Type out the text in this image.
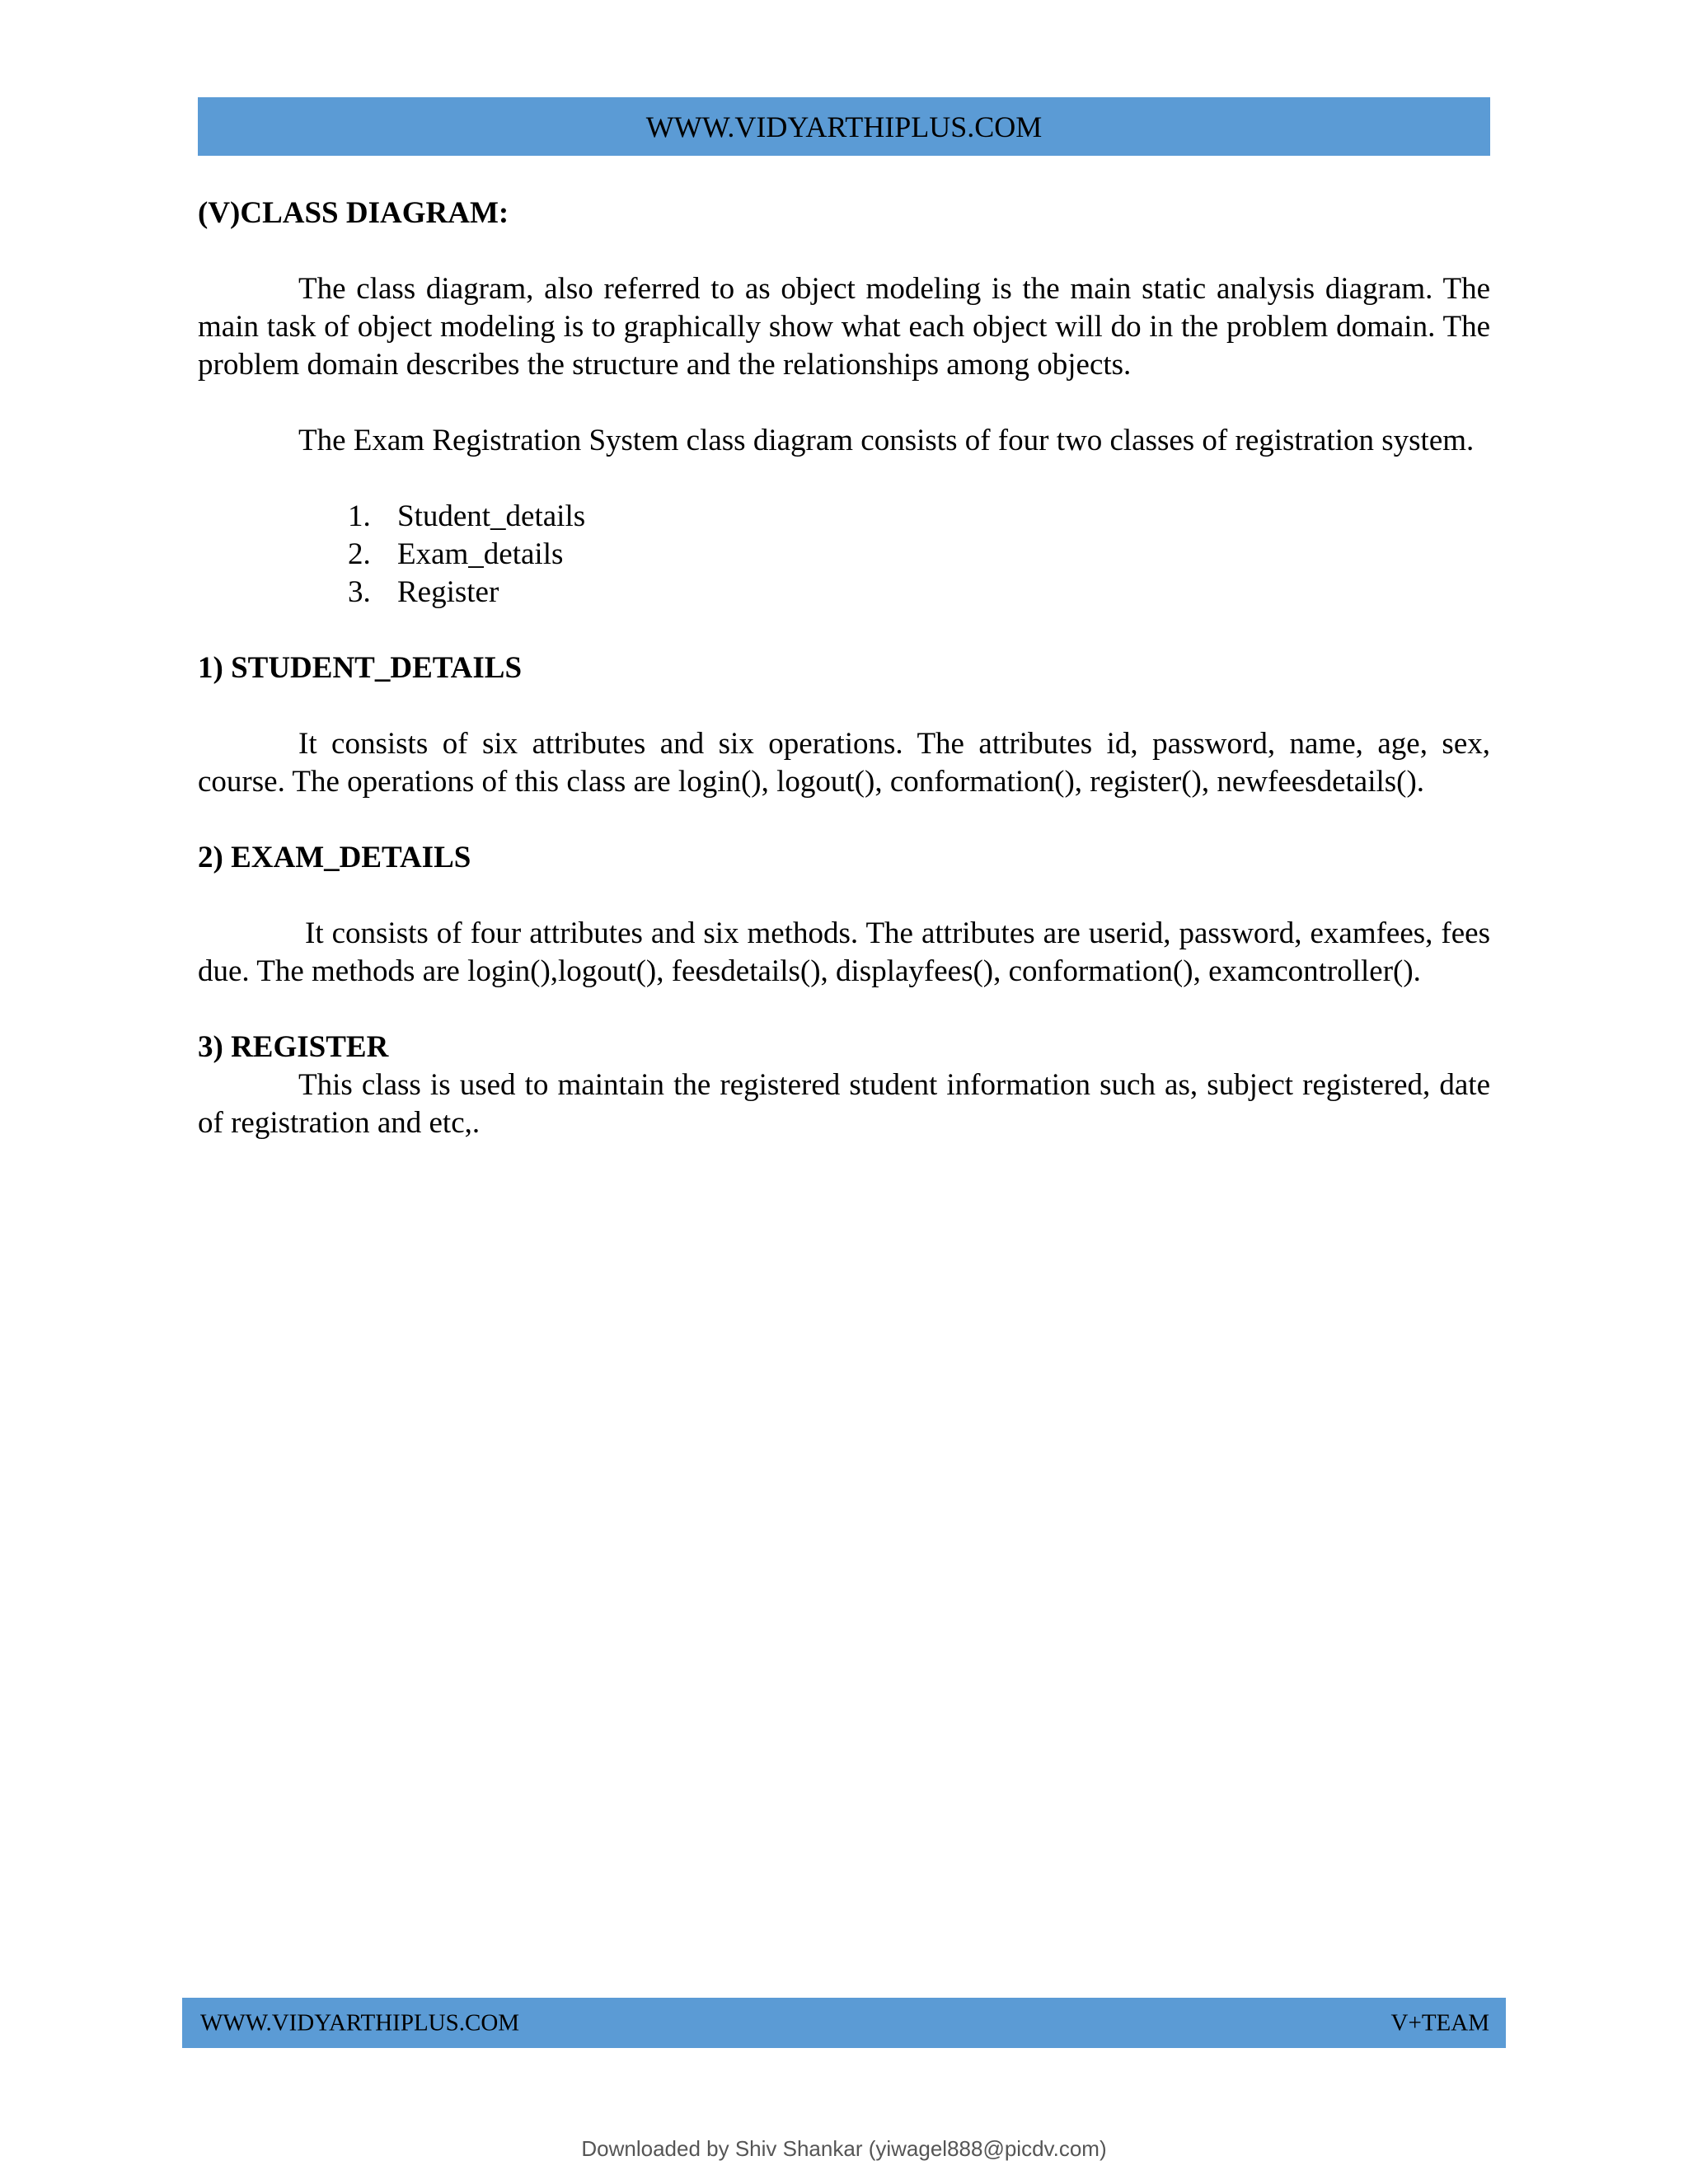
WWW.VIDYARTHIPLUS.COM

(V)CLASS DIAGRAM:

The class diagram, also referred to as object modeling is the main static analysis diagram. The main task of object modeling is to graphically show what each object will do in the problem domain. The problem domain describes the structure and the relationships among objects.

The Exam Registration System class diagram consists of four two classes of registration system.

1. Student_details
2. Exam_details
3. Register

1) STUDENT_DETAILS

It consists of six attributes and six operations. The attributes id, password, name, age, sex, course. The operations of this class are login(), logout(), conformation(), register(), newfeesdetails().

2) EXAM_DETAILS

It consists of four attributes and six methods. The attributes are userid, password, examfees, fees due. The methods are login(),logout(), feesdetails(), displayfees(), conformation(), examcontroller().

3) REGISTER

This class is used to maintain the registered student information such as, subject registered, date of registration and etc,.

WWW.VIDYARTHIPLUS.COM	V+TEAM
Downloaded by Shiv Shankar (yiwagel888@picdv.com)
